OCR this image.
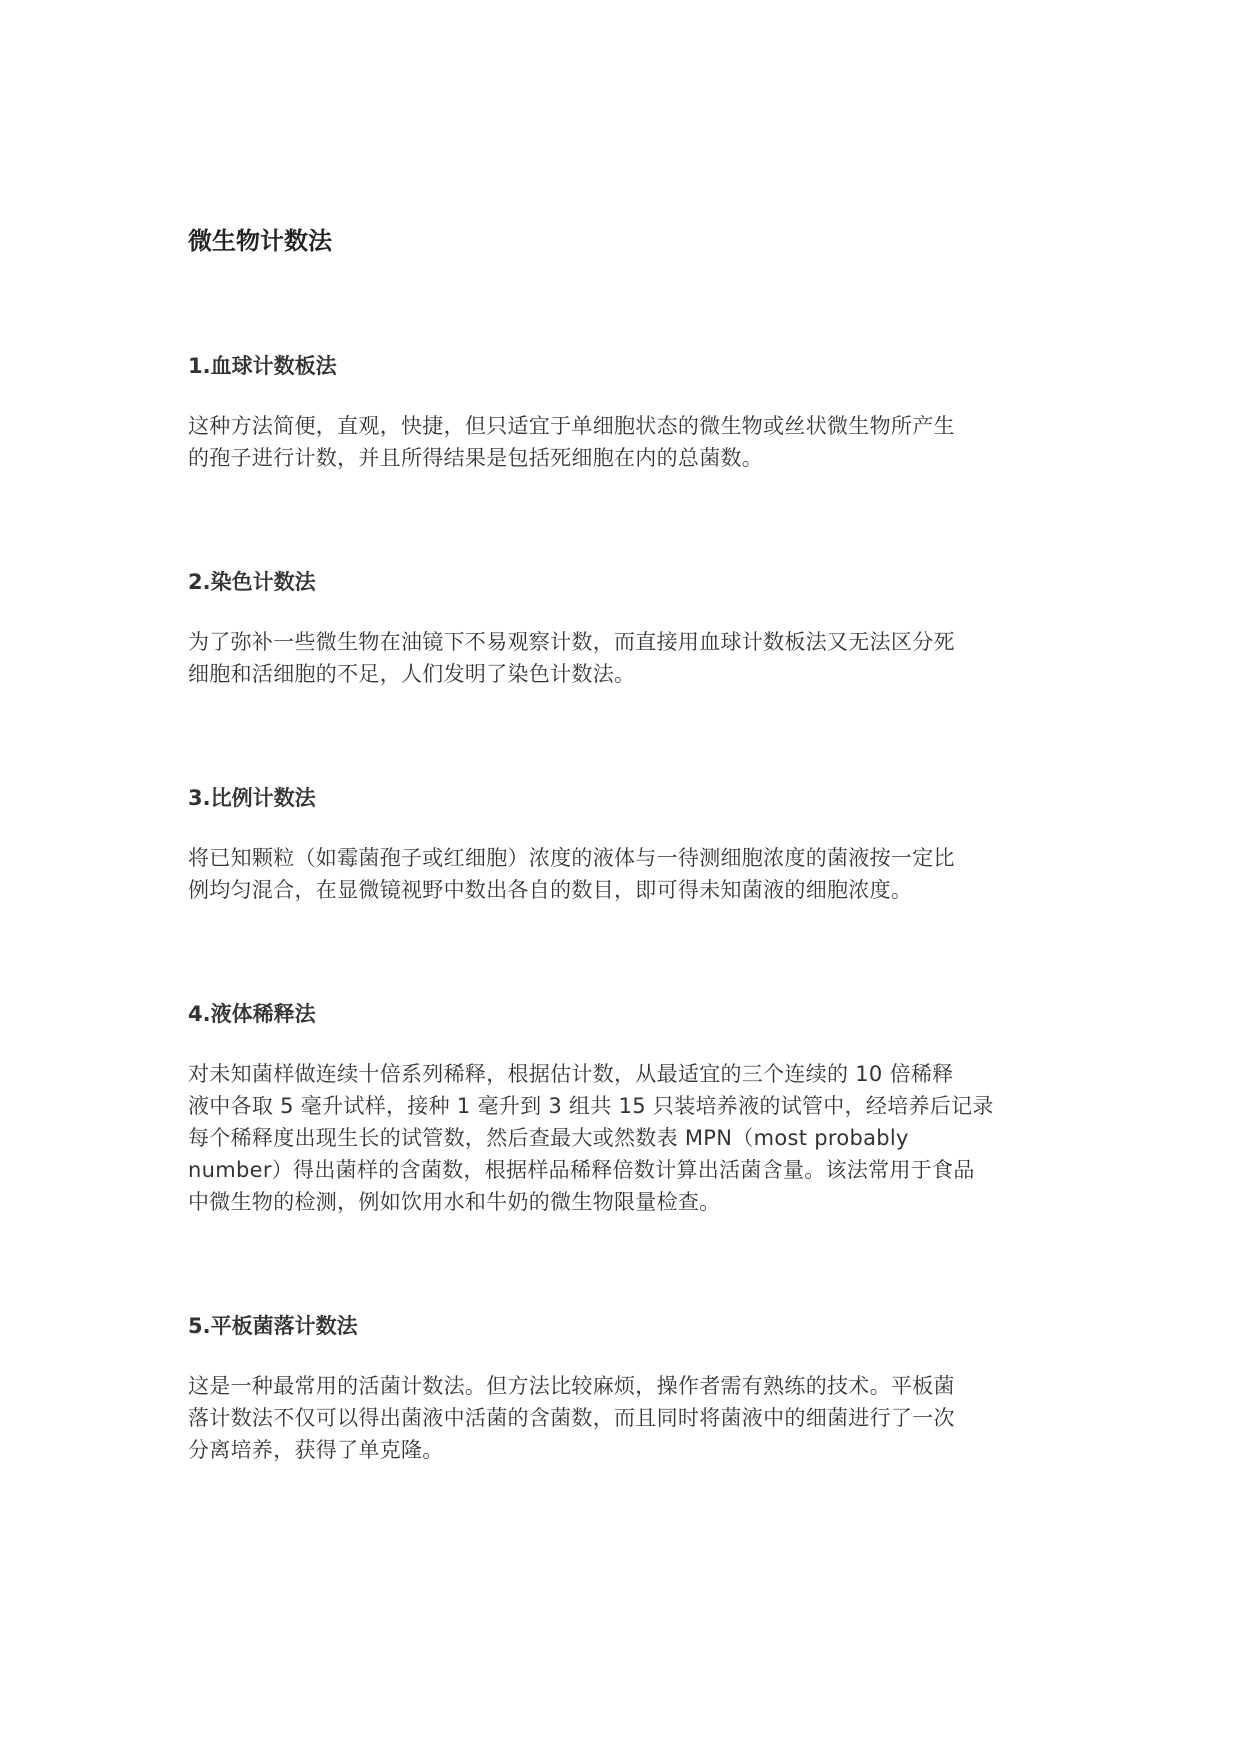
微生物计数法
1.血球计数板法

这种方法简便，直观，快捷，但只适宜于单细胞状态的微生物或丝状微生物所产生
的孢子进行计数，并且所得结果是包括死细胞在内的总菌数。

2.染色计数法

为了弥补一些微生物在油镜下不易观察计数，而直接用血球计数板法又无法区分死
细胞和活细胞的不足，人们发明了染色计数法。

3.比例计数法

将已知颗粒（如霉菌孢子或红细胞）浓度的液体与一待测细胞浓度的菌液按一定比
例均匀混合，在显微镜视野中数出各自的数目，即可得未知菌液的细胞浓度。

4.液体稀释法

对未知菌样做连续十倍系列稀释，根据估计数，从最适宜的三个连续的 10 倍稀释
液中各取 5 毫升试样，接种 1 毫升到 3 组共 15 只装培养液的试管中，经培养后记录
每个稀释度出现生长的试管数，然后查最大或然数表 MPN（most probably
number）得出菌样的含菌数，根据样品稀释倍数计算出活菌含量。该法常用于食品
中微生物的检测，例如饮用水和牛奶的微生物限量检查。

5.平板菌落计数法

这是一种最常用的活菌计数法。但方法比较麻烦，操作者需有熟练的技术。平板菌
落计数法不仅可以得出菌液中活菌的含菌数，而且同时将菌液中的细菌进行了一次
分离培养，获得了单克隆。
